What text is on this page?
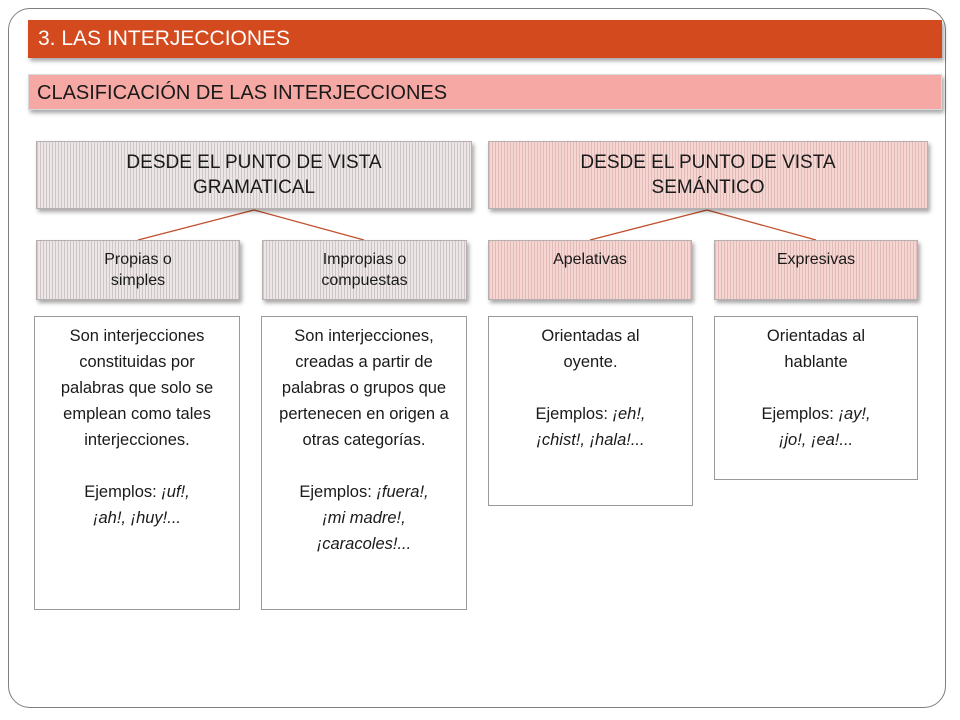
3. LAS INTERJECCIONES
CLASIFICACIÓN DE LAS INTERJECCIONES
DESDE EL PUNTO DE VISTA GRAMATICAL
DESDE EL PUNTO DE VISTA SEMÁNTICO
Propias o simples
Impropias o compuestas
Apelativas	Expresivas

Son interjecciones constituidas por palabras que solo se emplean como tales interjecciones.

Ejemplos: ¡uf!,
¡ah!, ¡huy!...

Son interjecciones, creadas a partir de palabras o grupos que pertenecen en origen a otras categorías.

Ejemplos: ¡fuera!,
¡mi madre!,
¡caracoles!...

Orientadas al oyente.

Ejemplos: ¡eh!,
¡chist!, ¡hala!...

Orientadas al hablante

Ejemplos: ¡ay!,
¡jo!, ¡ea!...
